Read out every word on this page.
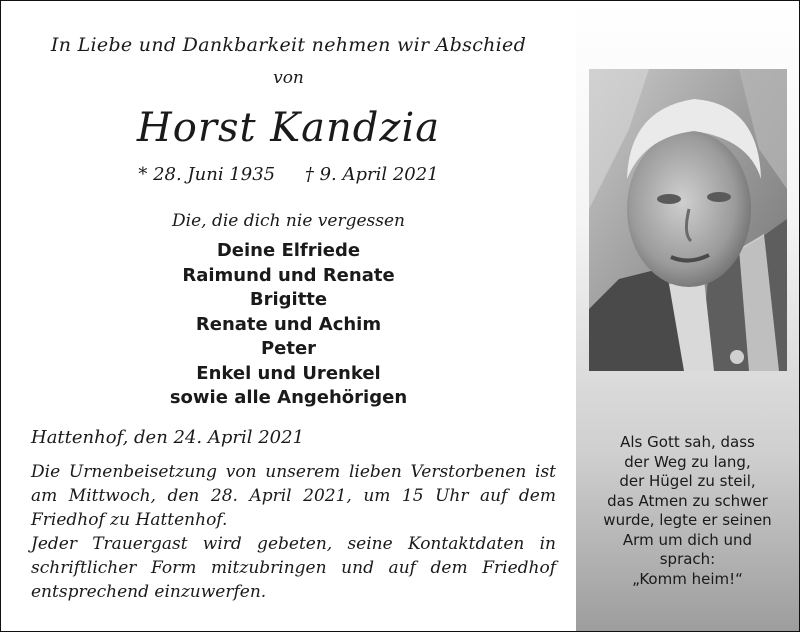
In Liebe und Dankbarkeit nehmen wir Abschied
von
Horst Kandzia
* 28. Juni 1935 † 9. April 2021
Die, die dich nie vergessen
Deine Elfriede
Raimund und Renate
Brigitte
Renate und Achim
Peter
Enkel und Urenkel
sowie alle Angehörigen
Hattenhof, den 24. April 2021

Die Urnenbeisetzung von unserem lieben Verstorbenen ist am Mittwoch, den 28. April 2021, um 15 Uhr auf dem Friedhof zu Hattenhof.

Jeder Trauergast wird gebeten, seine Kontaktdaten in schriftlicher Form mitzubringen und auf dem Friedhof entsprechend einzuwerfen.

Als Gott sah, dass
der Weg zu lang,
der Hügel zu steil,
das Atmen zu schwer
wurde, legte er seinen
Arm um dich und
sprach:
„Komm heim!“
